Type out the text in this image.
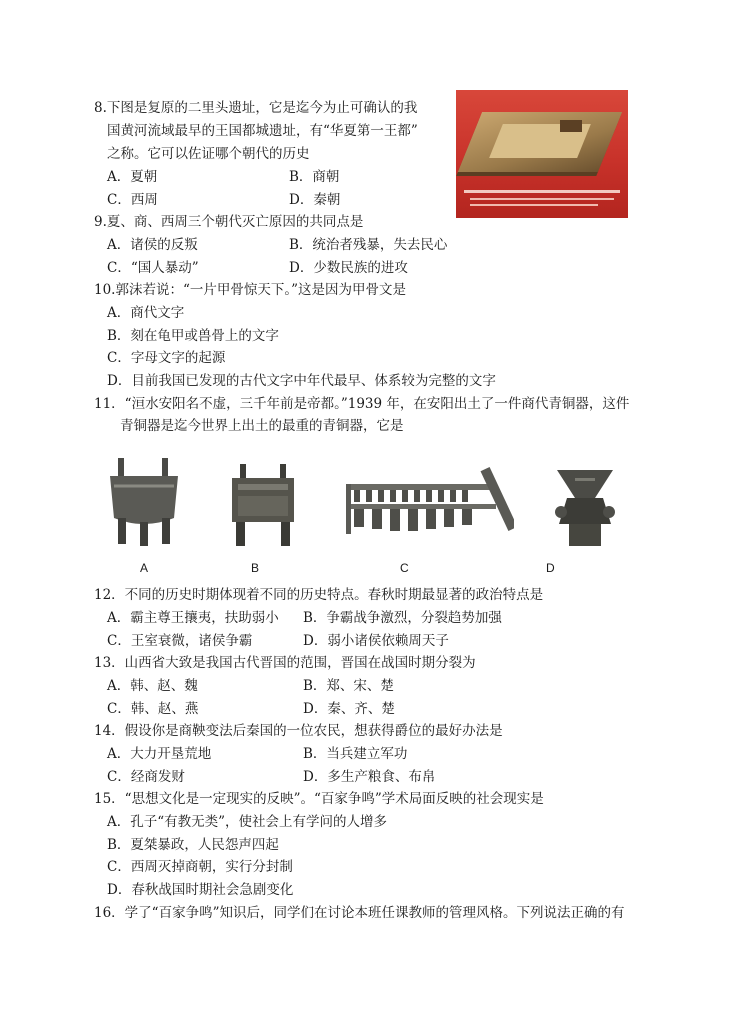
8.下图是复原的二里头遗址，它是迄今为止可确认的我
国黄河流域最早的王国都城遗址，有“华夏第一王都”
之称。它可以佐证哪个朝代的历史
A．夏朝	B．商朝
C．西周	D．秦朝
9.夏、商、西周三个朝代灭亡原因的共同点是
A．诸侯的反叛	B．统治者残暴，失去民心
C．“国人暴动”	D．少数民族的进攻
10.郭沫若说：“一片甲骨惊天下。”这是因为甲骨文是
A．商代文字
B．刻在龟甲或兽骨上的文字
C．字母文字的起源
D．目前我国已发现的古代文字中年代最早、体系较为完整的文字
11．“洹水安阳名不虚，三千年前是帝都。”1939 年，在安阳出土了一件商代青铜器，这件
青铜器是迄今世界上出土的最重的青铜器，它是
A	B	C	D
12．不同的历史时期体现着不同的历史特点。春秋时期最显著的政治特点是
A．霸主尊王攘夷，扶助弱小 B．争霸战争激烈，分裂趋势加强
C．王室衰微，诸侯争霸	D．弱小诸侯依赖周天子
13．山西省大致是我国古代晋国的范围，晋国在战国时期分裂为
A．韩、赵、魏	B．郑、宋、楚
C．韩、赵、燕	D．秦、齐、楚
14．假设你是商鞅变法后秦国的一位农民，想获得爵位的最好办法是
A．大力开垦荒地	B．当兵建立军功
C．经商发财	D．多生产粮食、布帛
15．“思想文化是一定现实的反映”。“百家争鸣”学术局面反映的社会现实是
A．孔子“有教无类”，使社会上有学问的人增多
B．夏桀暴政，人民怨声四起
C．西周灭掉商朝，实行分封制
D．春秋战国时期社会急剧变化
16．学了“百家争鸣”知识后，同学们在讨论本班任课教师的管理风格。下列说法正确的有
